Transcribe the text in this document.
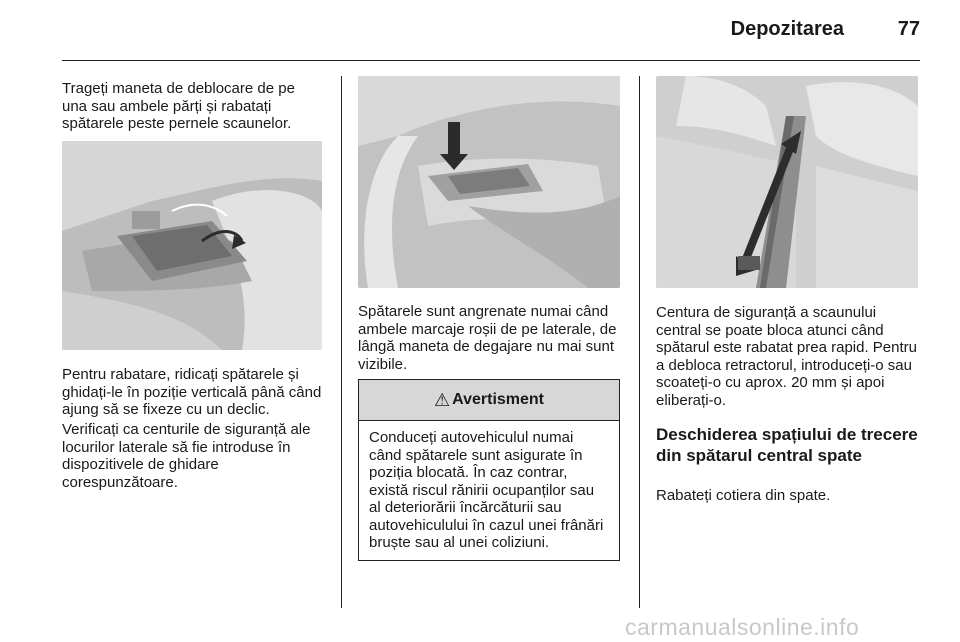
Depozitarea	77

Trageți maneta de deblocare de pe una sau ambele părți și rabatați spătarele peste pernele scaunelor.

Pentru rabatare, ridicați spătarele și ghidați-le în poziție verticală până când ajung să se fixeze cu un declic.

Verificați ca centurile de siguranță ale locurilor laterale să fie introduse în dispozitivele de ghidare corespunzătoare.

Spătarele sunt angrenate numai când ambele marcaje roșii de pe laterale, de lângă maneta de degajare nu mai sunt vizibile.

⚠ Avertisment

Conduceți autovehiculul numai când spătarele sunt asigurate în poziția blocată. În caz contrar, există riscul rănirii ocupanților sau al deteriorării încărcăturii sau autovehiculului în cazul unei frânări bruște sau al unei coliziuni.

Centura de siguranță a scaunului central se poate bloca atunci când spătarul este rabatat prea rapid. Pentru a debloca retractorul, introduceți-o sau scoateți-o cu aprox. 20 mm și apoi eliberați-o.

Deschiderea spațiului de trecere din spătarul central spate

Rabateți cotiera din spate.

carmanualsonline.info
